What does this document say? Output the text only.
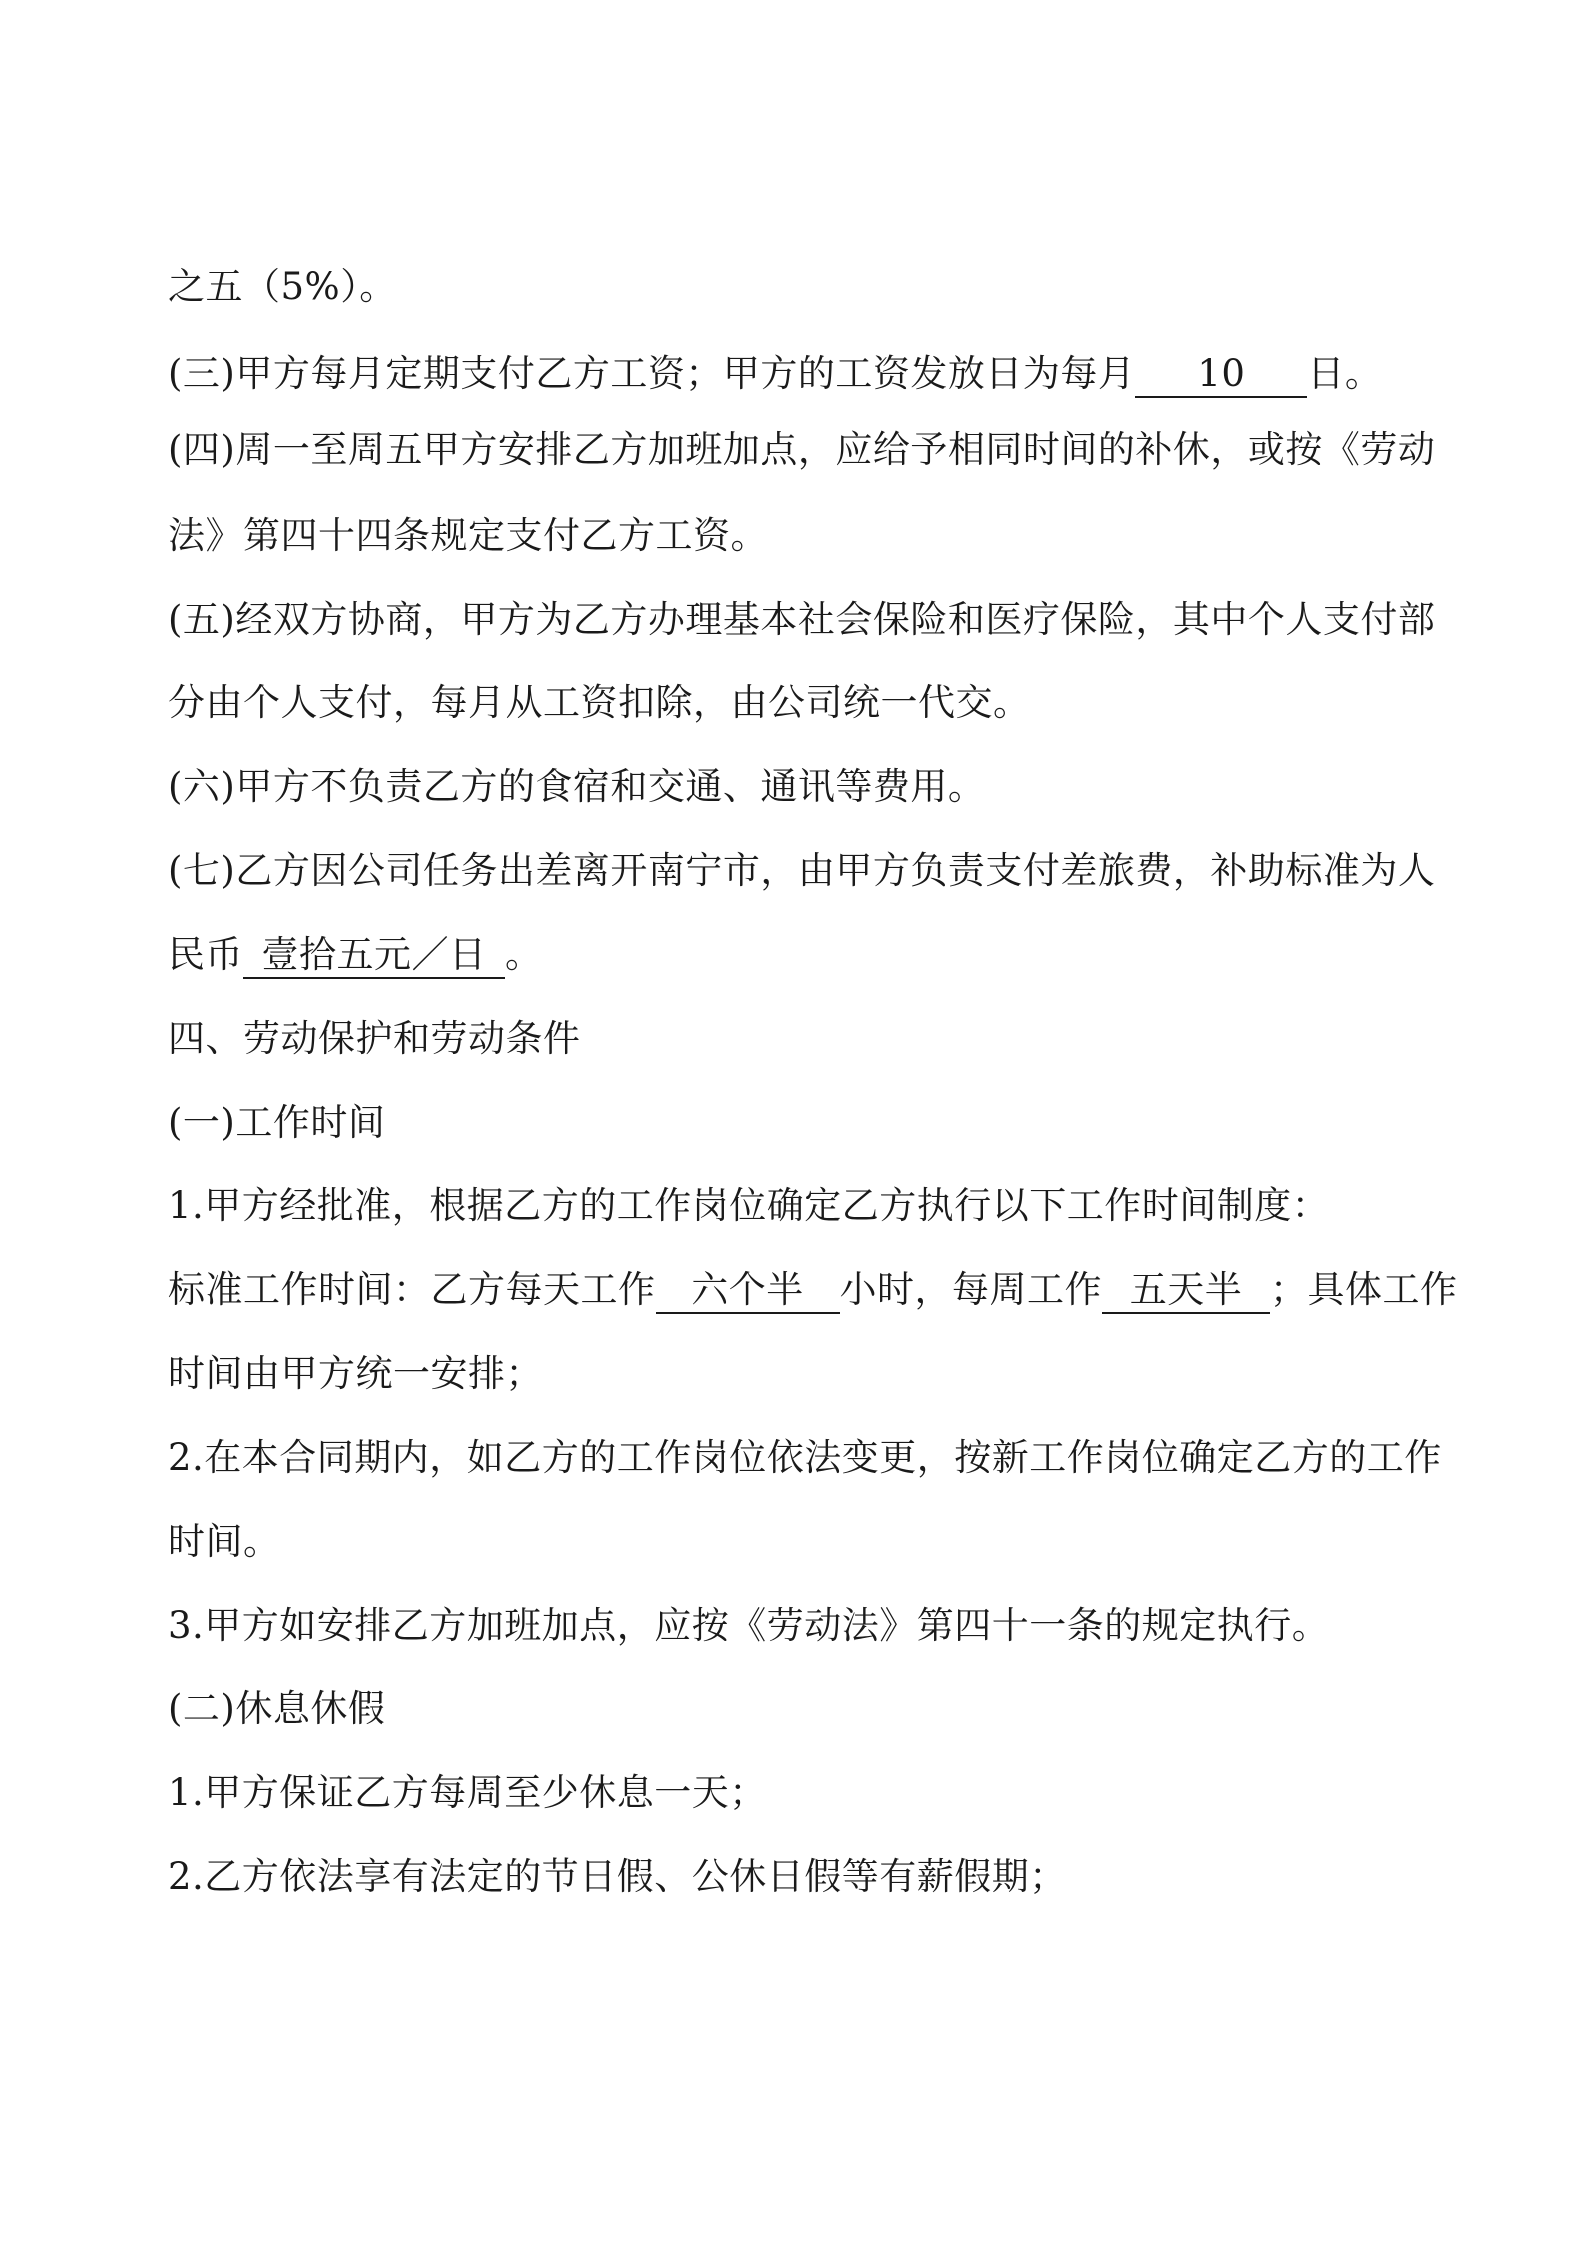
之五（5%）。
(三)甲方每月定期支付乙方工资；甲方的工资发放日为每月 10 日。
(四)周一至周五甲方安排乙方加班加点，应给予相同时间的补休，或按《劳动
法》第四十四条规定支付乙方工资。
(五)经双方协商，甲方为乙方办理基本社会保险和医疗保险，其中个人支付部
分由个人支付，每月从工资扣除，由公司统一代交。
(六)甲方不负责乙方的食宿和交通、通讯等费用。
(七)乙方因公司任务出差离开南宁市，由甲方负责支付差旅费，补助标准为人
民币 壹拾五元／日 。
四、劳动保护和劳动条件
(一)工作时间
1.甲方经批准，根据乙方的工作岗位确定乙方执行以下工作时间制度：
标准工作时间：乙方每天工作 六个半 小时，每周工作 五天半 ；具体工作
时间由甲方统一安排；
2.在本合同期内，如乙方的工作岗位依法变更，按新工作岗位确定乙方的工作
时间。
3.甲方如安排乙方加班加点，应按《劳动法》第四十一条的规定执行。
(二)休息休假
1.甲方保证乙方每周至少休息一天；
2.乙方依法享有法定的节日假、公休日假等有薪假期；
